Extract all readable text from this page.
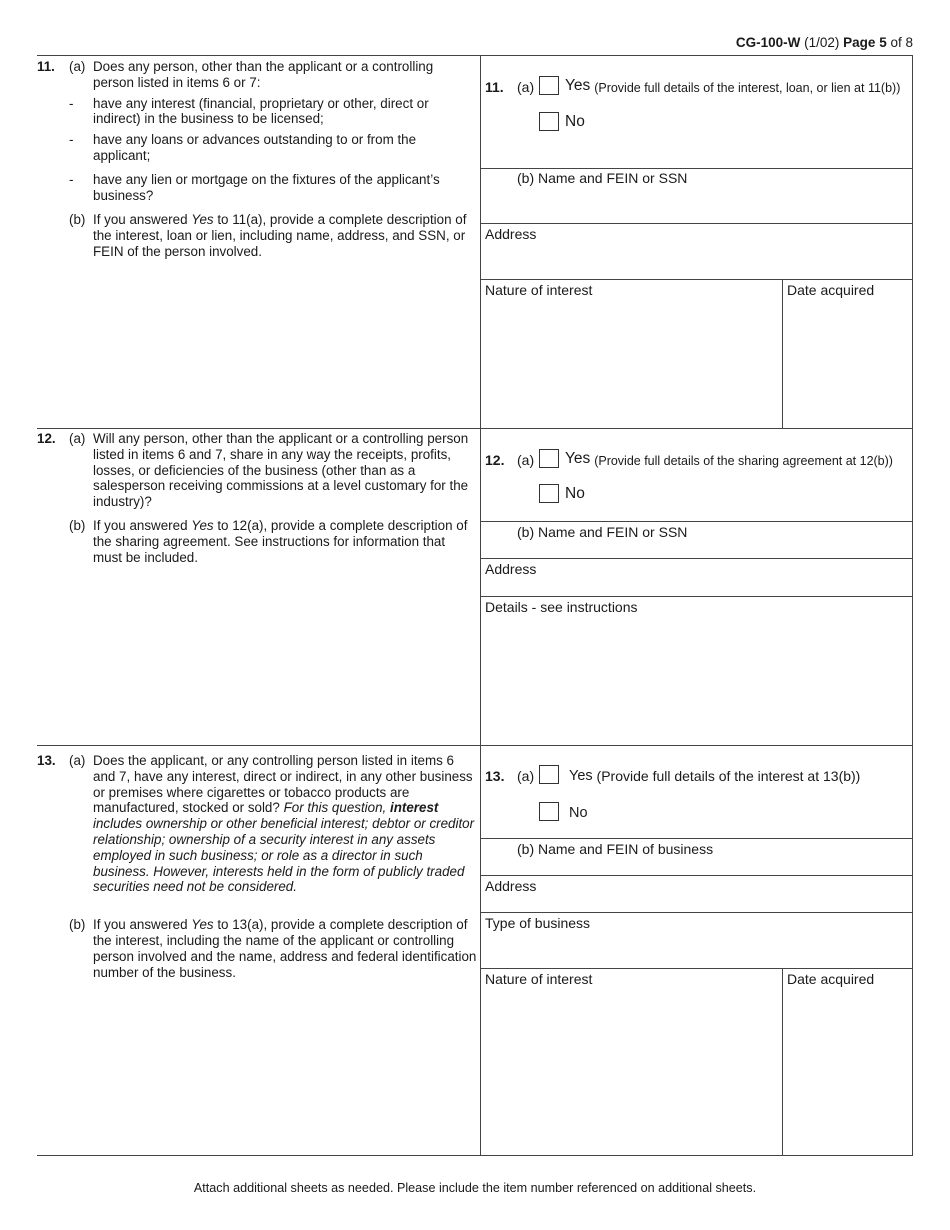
CG-100-W (1/02) Page 5 of 8
11. (a) Does any person, other than the applicant or a controlling person listed in items 6 or 7:

- have any interest (financial, proprietary or other, direct or indirect) in the business to be licensed;

- have any loans or advances outstanding to or from the applicant;

- have any lien or mortgage on the fixtures of the applicant’s business?

(b) If you answered Yes to 11(a), provide a complete description of the interest, loan or lien, including name, address, and SSN, or FEIN of the person involved.

11. (a)	Yes
(Provide full details of the interest, loan, or lien at 11(b))
No
(b) Name and FEIN or SSN
Address
Nature of interest	Date acquired
12. (a) Will any person, other than the applicant or a controlling person listed in items 6 and 7, share in any way the receipts, profits, losses, or deficiencies of the business (other than as a salesperson receiving commissions at a level customary for the industry)?

(b) If you answered Yes to 12(a), provide a complete description of the sharing agreement. See instructions for information that must be included.

12. (a)	Yes
(Provide full details of the sharing agreement at 12(b))
No
(b) Name and FEIN or SSN
Address
Details - see instructions
13. (a) Does the applicant, or any controlling person listed in items 6 and 7, have any interest, direct or indirect, in any other business or premises where cigarettes or tobacco products are manufactured, stocked or sold? For this question, interest includes ownership or other beneficial interest; debtor or creditor relationship; ownership of a security interest in any assets employed in such business; or role as a director in such business. However, interests held in the form of publicly traded securities need not be considered.

(b) If you answered Yes to 13(a), provide a complete description of the interest, including the name of the applicant or controlling person involved and the name, address and federal identification number of the business.

13. (a)	Yes
(Provide full details of the interest at 13(b))
No
(b) Name and FEIN of business
Address
Type of business
Nature of interest	Date acquired
Attach additional sheets as needed. Please include the item number referenced on additional sheets.
